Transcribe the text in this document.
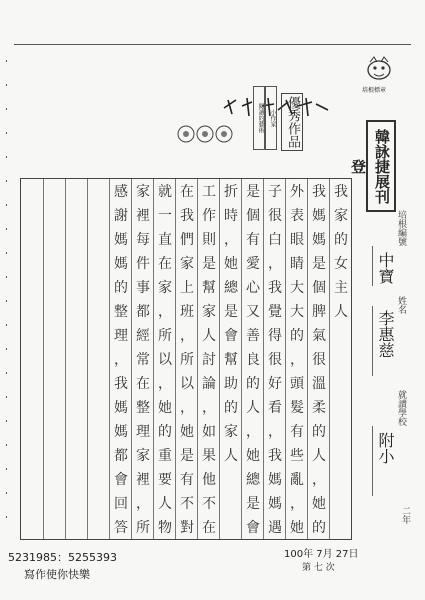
閱讀的藝術 小作家 優秀作品
韓詠捷展刊登
培根標章
我
家
的
女
主
人
我
媽
媽
是
個
脾
氣
很
溫
柔
的
人
，
她
的
外
表
眼
睛
大
大
的
，
頭
髮
有
些
亂
，
她
子
很
白
，
我
覺
得
很
好
看
，
我
媽
媽
遇
是
個
有
愛
心
又
善
良
的
人
，
她
總
是
會
折
時
，
她
總
是
會
幫
助
的
家
人
工
作
則
是
幫
家
人
討
論
，
如
果
他
不
在
在
我
們
家
上
班
，
所
以
，
她
是
有
不
對
就
一
直
在
家
，
所
以
，
她
的
重
要
人
物
家
裡
每
件
事
都
經
常
在
整
理
家
裡
，
所
感
謝
媽
媽
的
整
理
，
我
媽
媽
都
會
回
答
培根編號
中寶
姓名
李惠慈
就讀學校
附小
二年
100年 7月 27日
第 七 次
5231985：5255393
寫作使你快樂
